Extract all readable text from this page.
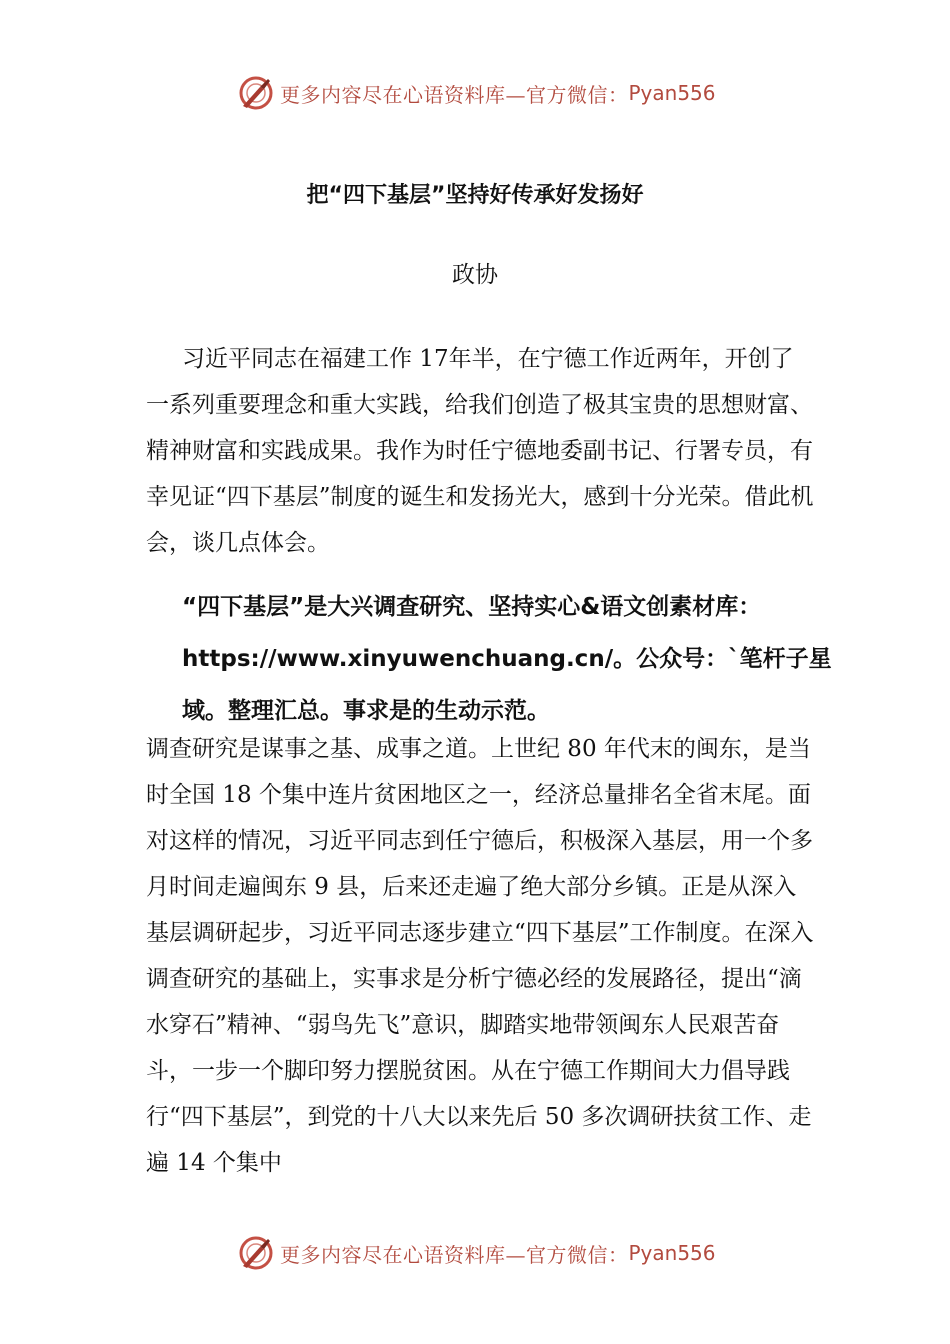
更多内容尽在心语资料库—官方微信： Pyan556
把“四下基层”坚持好传承好发扬好
政协

习近平同志在福建工作 17年半，在宁德工作近两年，开创了一系列重要理念和重大实践，给我们创造了极其宝贵的思想财富、精神财富和实践成果。我作为时任宁德地委副书记、行署专员，有幸见证“四下基层”制度的诞生和发扬光大，感到十分光荣。借此机会，谈几点体会。

“四下基层”是大兴调查研究、坚持实心&语文创素材库：https://www.xinyuwenchuang.cn/。公众号：`笔杆子星域。整理汇总。事求是的生动示范。

调查研究是谋事之基、成事之道。上世纪 80 年代末的闽东，是当时全国 18 个集中连片贫困地区之一，经济总量排名全省末尾。面对这样的情况，习近平同志到任宁德后，积极深入基层，用一个多月时间走遍闽东 9 县，后来还走遍了绝大部分乡镇。正是从深入基层调研起步，习近平同志逐步建立“四下基层”工作制度。在深入调查研究的基础上，实事求是分析宁德必经的发展路径，提出“滴水穿石”精神、“弱鸟先飞”意识，脚踏实地带领闽东人民艰苦奋斗，一步一个脚印努力摆脱贫困。从在宁德工作期间大力倡导践行“四下基层”，到党的十八大以来先后 50 多次调研扶贫工作、走遍 14 个集中

更多内容尽在心语资料库—官方微信： Pyan556
